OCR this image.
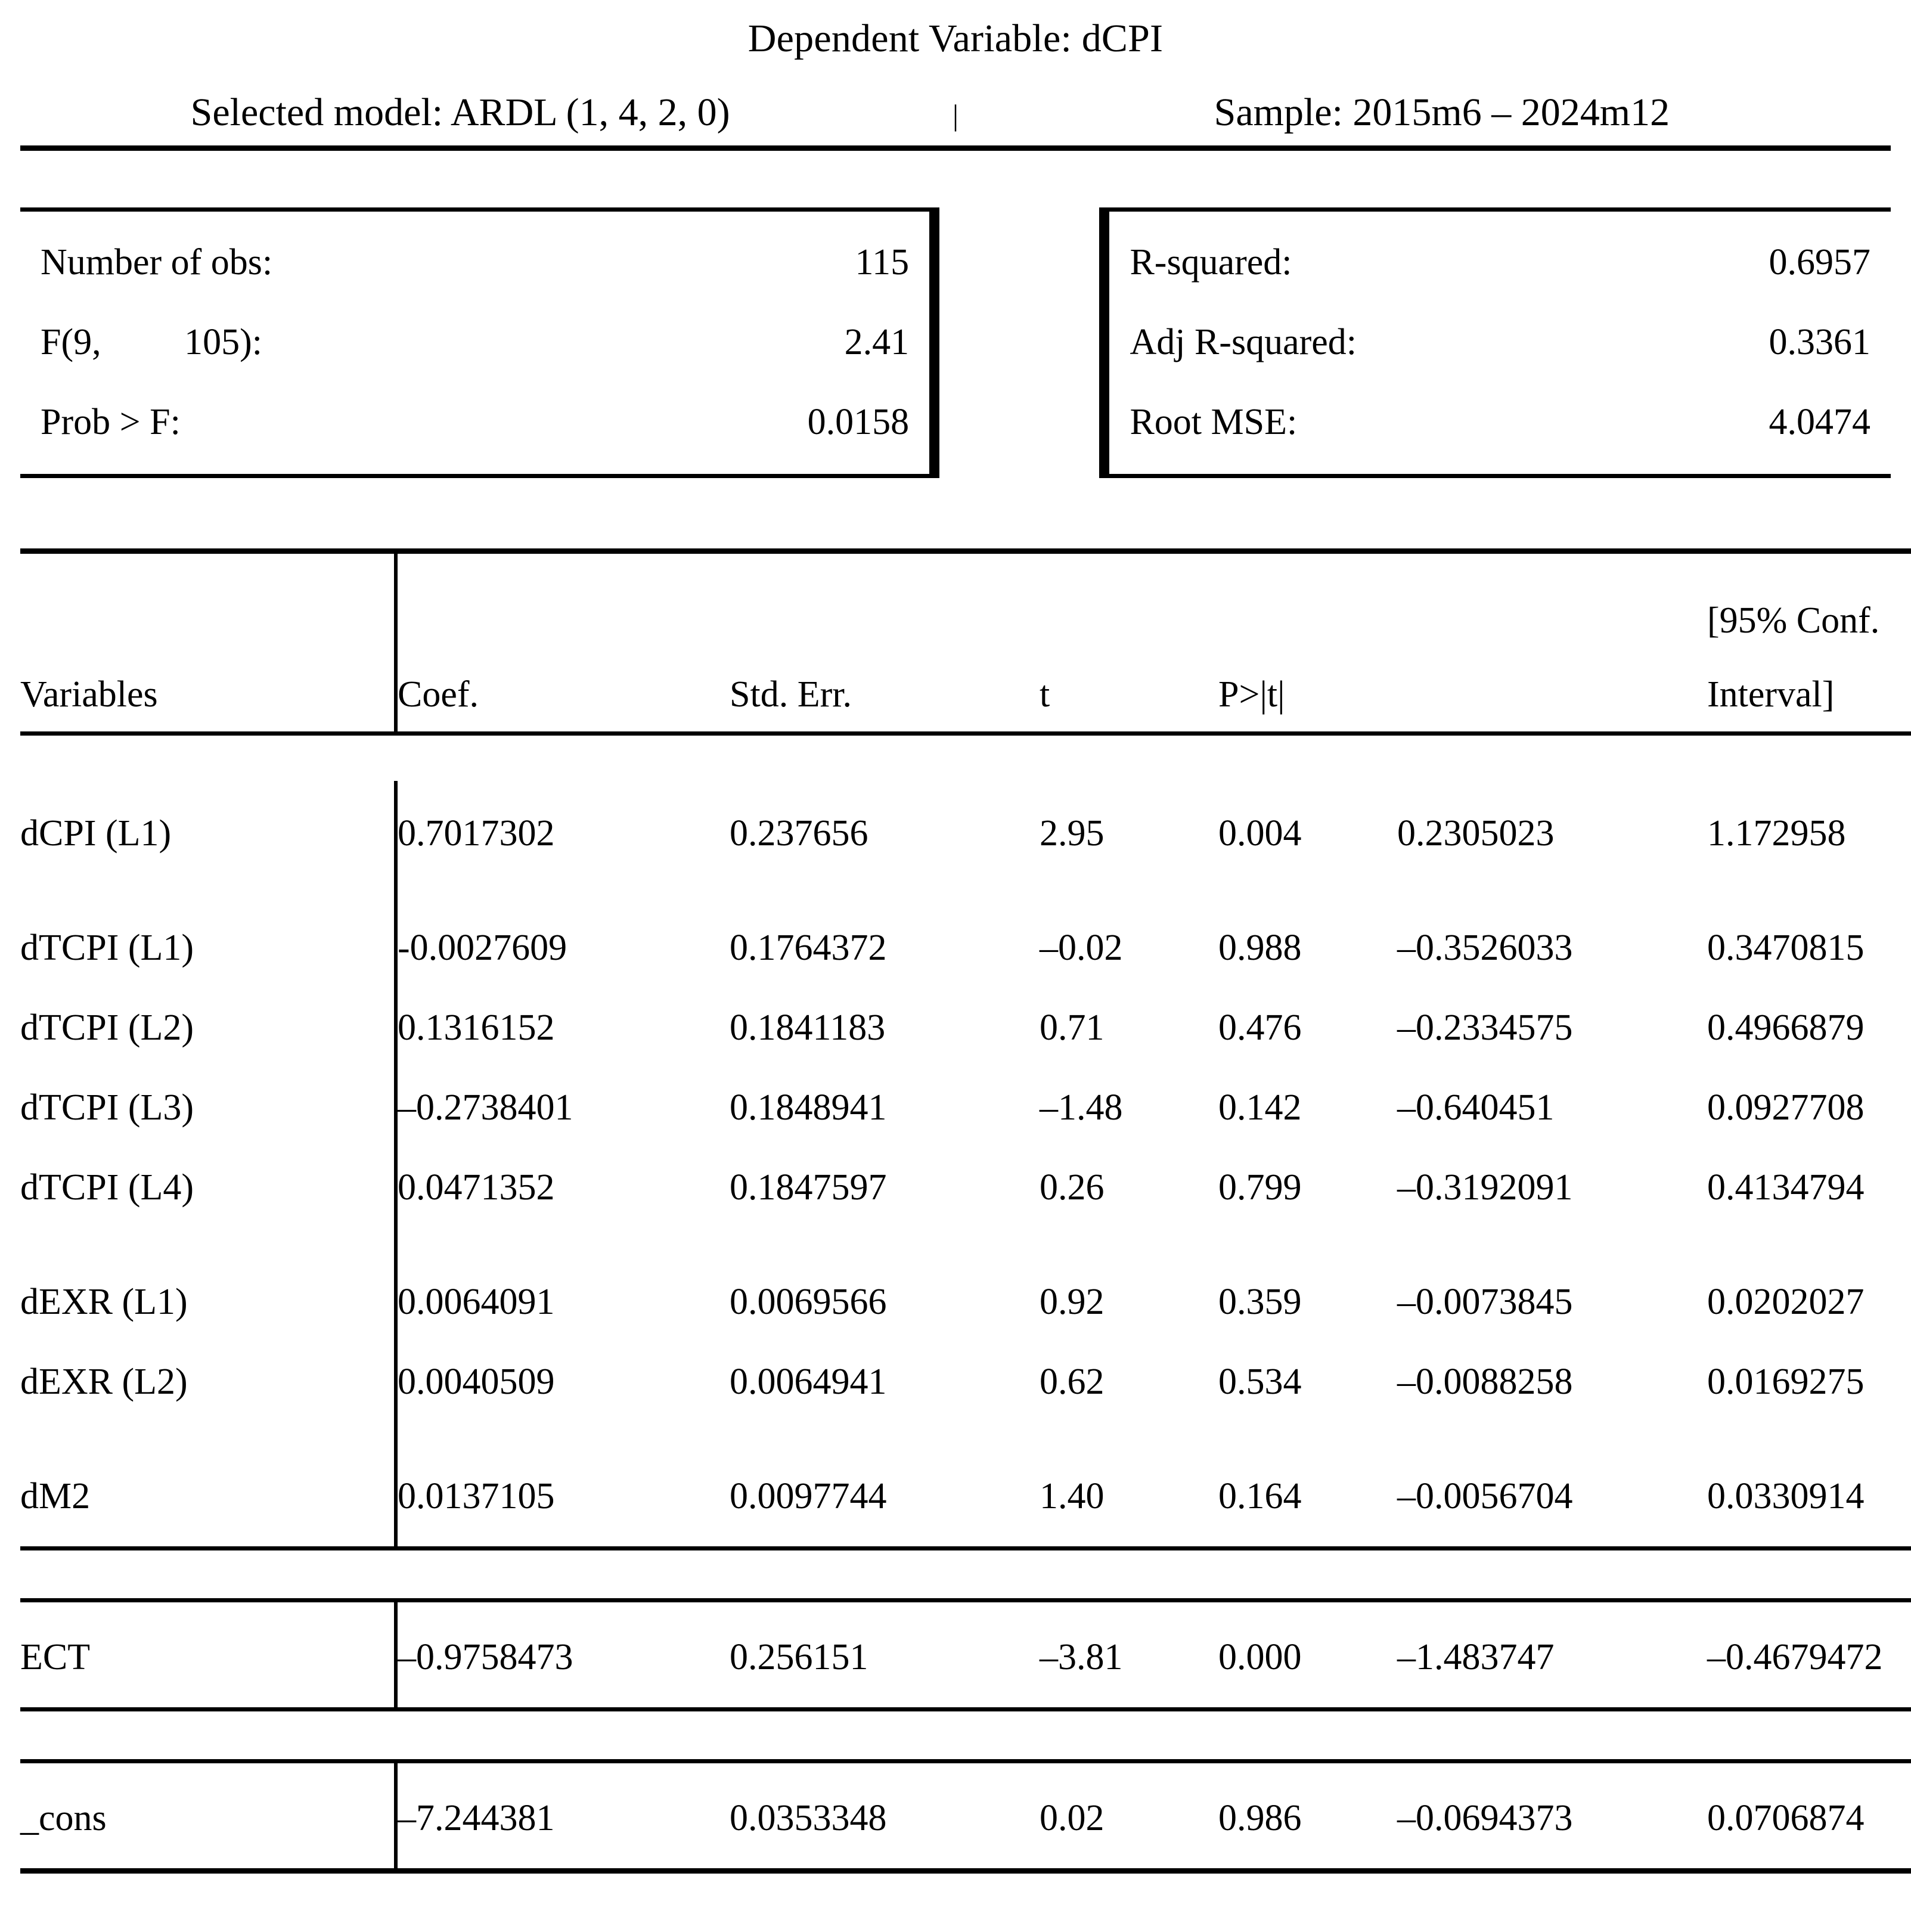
Dependent Variable: dCPI
Selected model: ARDL (1, 4, 2, 0)	|	Sample: 2015m6 – 2024m12
Number of obs:	115
F(9,         105):	2.41
Prob > F:	0.0158
R-squared:	0.6957
Adj R-squared:	0.3361
Root MSE:	4.0474

						[95% Conf.
Variables	Coef.	Std. Err.	t	P>|t|		Interval]

dCPI (L1)	0.7017302	0.237656	2.95	0.004	0.2305023	1.172958
dTCPI (L1)	-0.0027609	0.1764372	–0.02	0.988	–0.3526033	0.3470815
dTCPI (L2)	0.1316152	0.1841183	0.71	0.476	–0.2334575	0.4966879
dTCPI (L3)	–0.2738401	0.1848941	–1.48	0.142	–0.640451	0.0927708
dTCPI (L4)	0.0471352	0.1847597	0.26	0.799	–0.3192091	0.4134794
dEXR (L1)	0.0064091	0.0069566	0.92	0.359	–0.0073845	0.0202027
dEXR (L2)	0.0040509	0.0064941	0.62	0.534	–0.0088258	0.0169275
dM2	0.0137105	0.0097744	1.40	0.164	–0.0056704	0.0330914

ECT	–0.9758473	0.256151	–3.81	0.000	–1.483747	–0.4679472

_cons	–7.244381	0.0353348	0.02	0.986	–0.0694373	0.0706874
